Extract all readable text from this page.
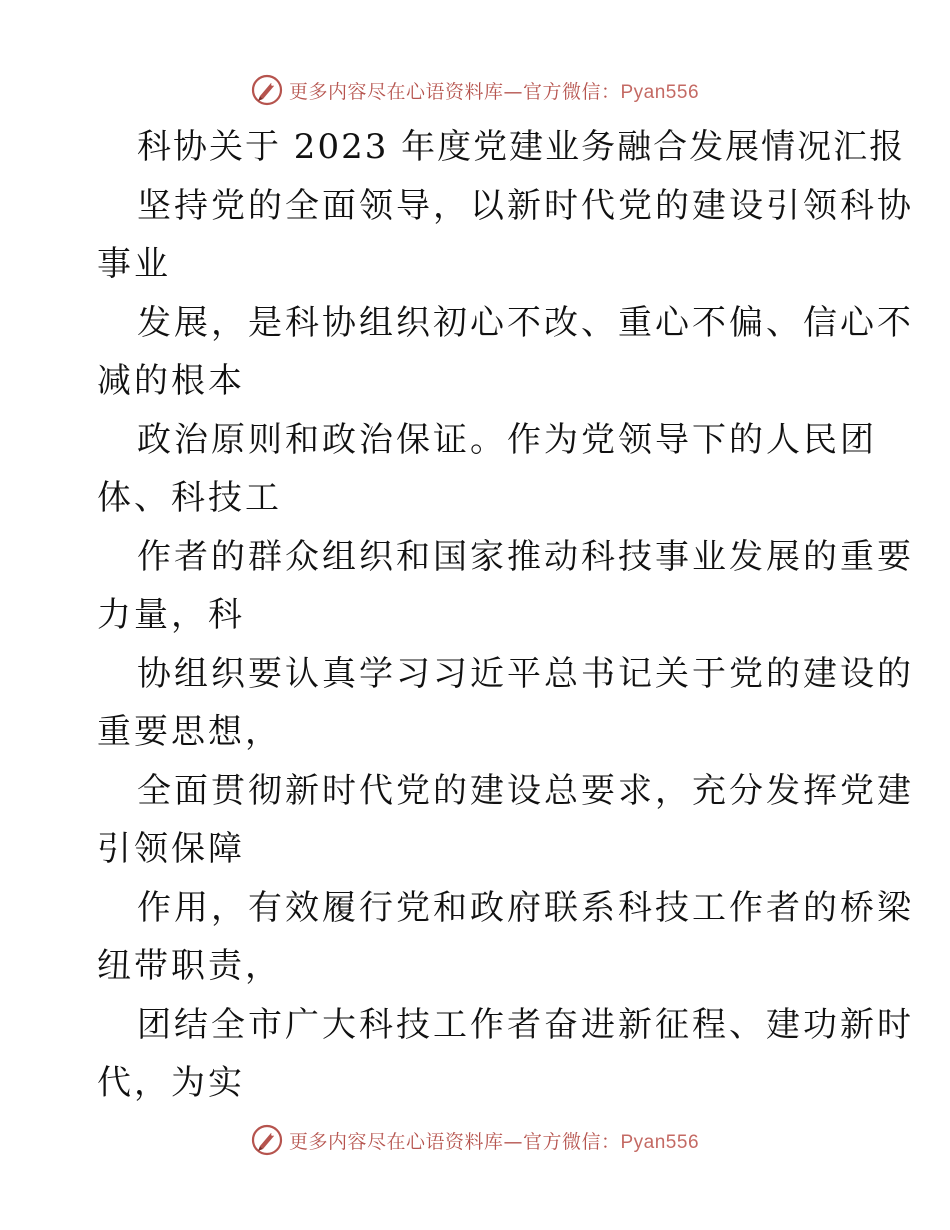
更多内容尽在心语资料库—官方微信：Pyan556
科协关于 2023 年度党建业务融合发展情况汇报
坚持党的全面领导，以新时代党的建设引领科协
事业
发展，是科协组织初心不改、重心不偏、信心不
减的根本
政治原则和政治保证。作为党领导下的人民团
体、科技工
作者的群众组织和国家推动科技事业发展的重要
力量，科
协组织要认真学习习近平总书记关于党的建设的
重要思想，
全面贯彻新时代党的建设总要求，充分发挥党建
引领保障
作用，有效履行党和政府联系科技工作者的桥梁
纽带职责，
团结全市广大科技工作者奋进新征程、建功新时
代，为实
更多内容尽在心语资料库—官方微信：Pyan556
